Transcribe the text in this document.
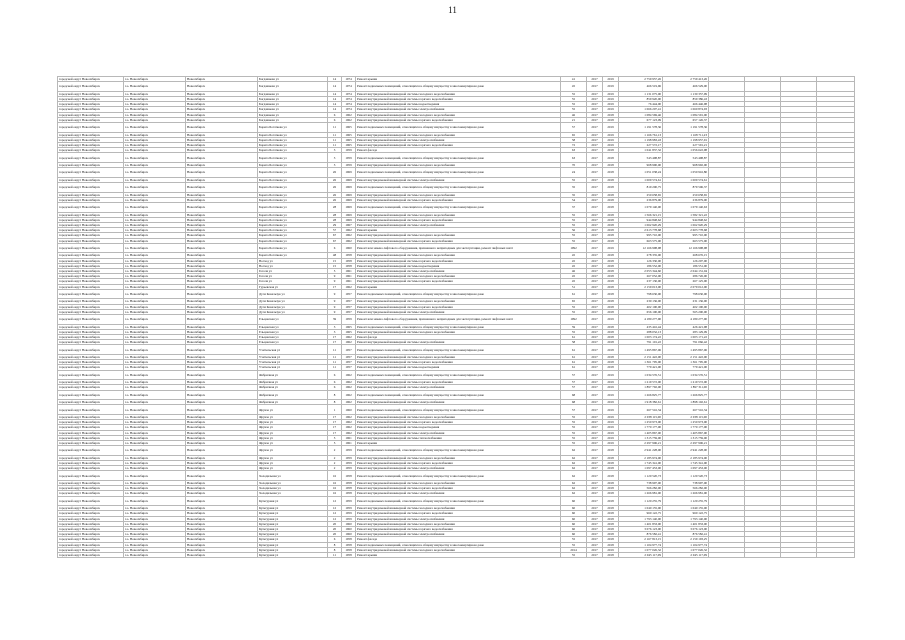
11
городской округ Новосибирск	г.о. Новосибирск	Новосибирск	Богдашкова ул	14	1974	Ремонт крыши	41	2017	2019	2 759 957,26	2 759 413,26				
городской округ Новосибирск	г.о. Новосибирск	Новосибирск	Богдашкова ул	14	1974	Ремонт подвальных помещений, относящихся к общему имуществу в многоквартирном доме	45	2017	2019	466 519,96	466 529,00				
городской округ Новосибирск	г.о. Новосибирск	Новосибирск	Богдашкова ул	14	1974	Ремонт внутридомовой инженерной системы холодного водоснабжения	55	2017	2019	1 131 075,00	1 130 357,99				
городской округ Новосибирск	г.о. Новосибирск	Новосибирск	Богдашкова ул	14	1974	Ремонт внутридомовой инженерной системы горячего водоснабжения	55	2017	2019	859 920,00	859 386,43				
городской округ Новосибирск	г.о. Новосибирск	Новосибирск	Богдашкова ул	14	1974	Ремонт внутридомовой инженерной системы водоотведения	55	2017	2019	76 444,00	466 446,98				
городской округ Новосибирск	г.о. Новосибирск	Новосибирск	Богдашкова ул	14	1974	Ремонт внутридомовой инженерной системы электроснабжения	55	2017	2019	1 066 207,41	1 060 874,93				
городской округ Новосибирск	г.о. Новосибирск	Новосибирск	Богдашкова ул	6	1962	Ремонт внутридомовой инженерной системы холодного водоснабжения	46	2017	2018	1 084 569,46	1 084 591,00				
городской округ Новосибирск	г.о. Новосибирск	Новосибирск	Богдашкова ул	6	1962	Ремонт внутридомовой инженерной системы горячего водоснабжения	21	2017	2018	677 123,09	657 126,37				
городской округ Новосибирск	г.о. Новосибирск	Новосибирск	Бориса Богаткова ул	11	1965	Ремонт подвальных помещений, относящихся к общему имуществу в многоквартирном доме	57	2017	2019	1 191 578,36	1 191 578,36				
городской округ Новосибирск	г.о. Новосибирск	Новосибирск	Бориса Богаткова ул	11	1965	Ремонт внутридомовой инженерной системы холодного водоснабжения	65	2017	2019	1 166 761,13	1 168 711,23				
городской округ Новосибирск	г.о. Новосибирск	Новосибирск	Бориса Богаткова ул	11	1965	Ремонт внутридомовой инженерной системы электроснабжения	58	2017	2019	1 198 983,43	1 198 957,91				
городской округ Новосибирск	г.о. Новосибирск	Новосибирск	Бориса Богаткова ул	11	1965	Ремонт внутридомовой инженерной системы горячего водоснабжения	72	2017	2019	227 572,17	227 591,21				
городской округ Новосибирск	г.о. Новосибирск	Новосибирск	Бориса Богаткова ул	3	1959	Ремонт фасада	63	2017	2018	1 041 837,32	1 056 622,98				
городской округ Новосибирск	г.о. Новосибирск	Новосибирск	Бориса Богаткова ул	3	1959	Ремонт подвальных помещений, относящихся к общему имуществу в многоквартирном доме	63	2017	2018	543 498,87	543 498,87				
городской округ Новосибирск	г.о. Новосибирск	Новосибирск	Бориса Богаткова ул	3	1959	Ремонт внутридомовой инженерной системы холодного водоснабжения	70	2017	2018	968 990,00	968 992,00				
городской округ Новосибирск	г.о. Новосибирск	Новосибирск	Бориса Богаткова ул	26	1969	Ремонт подвальных помещений, относящихся к общему имуществу в многоквартирном доме	24	2017	2018	1 051 038,24	1 050 916,80				
городской округ Новосибирск	г.о. Новосибирск	Новосибирск	Бориса Богаткова ул	26	1969	Ремонт внутридомовой инженерной системы электроснабжения	55	2017	2018	1 009 574,61	1 009 574,61				
городской округ Новосибирск	г.о. Новосибирск	Новосибирск	Бориса Богаткова ул	26	1969	Ремонт подвальных помещений, относящихся к общему имуществу в многоквартирном доме	35	2017	2018	819 200,75	879 506,37				
городской округ Новосибирск	г.о. Новосибирск	Новосибирск	Бориса Богаткова ул	26	1969	Ремонт внутридомовой инженерной системы холодного водоснабжения	35	2017	2018	250 658,65	250 658,65				
городской округ Новосибирск	г.о. Новосибирск	Новосибирск	Бориса Богаткова ул	26	1969	Ремонт внутридомовой инженерной системы горячего водоснабжения	54	2017	2018	236 879,00	236 879,00				
городской округ Новосибирск	г.о. Новосибирск	Новосибирск	Бориса Богаткова ул	28	1969	Ремонт подвальных помещений, относящихся к общему имуществу в многоквартирном доме	37	2017	2018	1 079 140,00	1 079 140,63				
городской округ Новосибирск	г.о. Новосибирск	Новосибирск	Бориса Богаткова ул	28	1969	Ремонт внутридомовой инженерной системы холодного водоснабжения	55	2017	2018	1 566 321,15	1 582 321,22				
городской округ Новосибирск	г.о. Новосибирск	Новосибирск	Бориса Богаткова ул	28	1969	Ремонт внутридомовой инженерной системы горячего водоснабжения	55	2017	2018	944 848,62	944 848,62				
городской округ Новосибирск	г.о. Новосибирск	Новосибирск	Бориса Богаткова ул	29	1967	Ремонт внутридомовой инженерной системы электроснабжения	55	2017	2018	1 062 920,29	1 062 920,29				
городской округ Новосибирск	г.о. Новосибирск	Новосибирск	Бориса Богаткова ул	57	1962	Ремонт крыши	56	2017	2018	2 613 778,68	2 603 778,68				
городской округ Новосибирск	г.о. Новосибирск	Новосибирск	Бориса Богаткова ул	67	1962	Ремонт внутридомовой инженерной системы холодного водоснабжения	55	2017	2018	995 710,00	995 710,00				
городской округ Новосибирск	г.о. Новосибирск	Новосибирск	Бориса Богаткова ул	67	1962	Ремонт внутридомовой инженерной системы горячего водоснабжения	55	2017	2018	663 575,00	663 575,00				
городской округ Новосибирск	г.о. Новосибирск	Новосибирск	Бориса Богаткова ул	6	1960	Ремонт или замена лифтового оборудования, признанного непригодным для эксплуатации, ремонт лифтовых шахт	1992	2017	2019	12 166 998,98	12 166 998,98				
городской округ Новосибирск	г.о. Новосибирск	Новосибирск	Бориса Богаткова ул	48	1958	Ремонт внутридомовой инженерной системы холодного водоснабжения	45	2017	2018	278 335,00	268 676,15				
городской округ Новосибирск	г.о. Новосибирск	Новосибирск	Восход ул	15	1958	Ремонт внутридомовой инженерной системы горячего водоснабжения	45	2017	2018	126 330,00	126 207,00				
городской округ Новосибирск	г.о. Новосибирск	Новосибирск	Восход ул	15	1958	Ремонт внутридомовой инженерной системы водоотведения	45	2017	2018	186 552,00	186 551,00				
городской округ Новосибирск	г.о. Новосибирск	Новосибирск	Гоголя ул	5	1961	Ремонт внутридомовой инженерной системы электроснабжения	46	2017	2018	2 053 344,60	2 044 131,04				
городской округ Новосибирск	г.о. Новосибирск	Новосибирск	Гоголя ул	9	1961	Ремонт внутридомовой инженерной системы холодного водоснабжения	45	2017	2018	267 052,00	286 726,00				
городской округ Новосибирск	г.о. Новосибирск	Новосибирск	Гоголя ул	9	1961	Ремонт внутридомовой инженерной системы горячего водоснабжения	45	2017	2018	237 130,00	267 125,00				
городской округ Новосибирск	г.о. Новосибирск	Новосибирск	Гурьевская ул	17	1962	Ремонт крыши	51	2017	2018	2 159 013,00	2 079 012,00				
городской округ Новосибирск	г.о. Новосибирск	Новосибирск	Дуси Ковальчук ул	9	1957	Ремонт подвальных помещений, относящихся к общему имуществу в многоквартирном доме	61	2017	2018	798 630,00	798 630,00				
городской округ Новосибирск	г.о. Новосибирск	Новосибирск	Дуси Ковальчук ул	9	1957	Ремонт внутридомовой инженерной системы холодного водоснабжения	65	2017	2018	230 136,00	231 136,00				
городской округ Новосибирск	г.о. Новосибирск	Новосибирск	Дуси Ковальчук ул	9	1957	Ремонт внутридомовой инженерной системы горячего водоснабжения	55	2017	2018	402 100,00	402 100,00				
городской округ Новосибирск	г.о. Новосибирск	Новосибирск	Дуси Ковальчук ул	9	1957	Ремонт внутридомовой инженерной системы электроснабжения	55	2017	2018	656 100,00	565 200,00				
городской округ Новосибирск	г.о. Новосибирск	Новосибирск	Ельцовская ул	39	1959	Ремонт или замена лифтового оборудования, признанного непригодным для эксплуатации, ремонт лифтовых шахт	1992	2017	2019	4 180 277,90	4 180 277,90				
городской округ Новосибирск	г.о. Новосибирск	Новосибирск	Ельцовская ул	3	1965	Ремонт подвальных помещений, относящихся к общему имуществу в многоквартирном доме	59	2017	2018	435 416,44	426 421,98				
городской округ Новосибирск	г.о. Новосибирск	Новосибирск	Ельцовская ул	3	1965	Ремонт внутридомовой инженерной системы холодного водоснабжения	55	2017	2018	288 032,13	283 129,09				
городской округ Новосибирск	г.о. Новосибирск	Новосибирск	Ельцовская ул	17	1962	Ремонт фасада	61	2017	2018	1 003 174,22	1 003 171,22				
городской округ Новосибирск	г.о. Новосибирск	Новосибирск	Ельцовская ул	17	1962	Ремонт внутридомовой инженерной системы электроснабжения	58	2017	2018	791 101,22	791 066,42				
городской округ Новосибирск	г.о. Новосибирск	Новосибирск	Учительская ул	11	1957	Ремонт подвальных помещений, относящихся к общему имуществу в многоквартирном доме	61	2017	2018	1 495 867,06	1 495 867,06				
городской округ Новосибирск	г.о. Новосибирск	Новосибирск	Учительская ул	11	1957	Ремонт внутридомовой инженерной системы холодного водоснабжения	61	2017	2018	2 151 422,00	2 151 422,00				
городской округ Новосибирск	г.о. Новосибирск	Новосибирск	Учительская ул	11	1957	Ремонт внутридомовой инженерной системы горячего водоснабжения	61	2017	2018	1 361 795,00	1 361 795,00				
городской округ Новосибирск	г.о. Новосибирск	Новосибирск	Учительская ул	11	1957	Ремонт внутридомовой инженерной системы водоотведения	61	2017	2018	779 421,00	779 421,00				
городской округ Новосибирск	г.о. Новосибирск	Новосибирск	Фабричная ул	6	1962	Ремонт подвальных помещений, относящихся к общему имуществу в многоквартирном доме	57	2017	2019	1 034 576,51	1 034 576,51				
городской округ Новосибирск	г.о. Новосибирск	Новосибирск	Фабричная ул	6	1962	Ремонт внутридомовой инженерной системы горячего водоснабжения	57	2017	2019	1 219 572,00	1 219 572,00				
городской округ Новосибирск	г.о. Новосибирск	Новосибирск	Фабричная ул	6	1962	Ремонт внутридомовой инженерной системы электроснабжения	57	2017	2019	1 897 792,00	1 897 311,00				
городской округ Новосибирск	г.о. Новосибирск	Новосибирск	Фабричная ул	8	1962	Ремонт подвальных помещений, относящихся к общему имуществу в многоквартирном доме	68	2017	2019	1 266 825,77	1 266 825,77				
городской округ Новосибирск	г.о. Новосибирск	Новосибирск	Фабричная ул	8	1962	Ремонт внутридомовой инженерной системы электроснабжения	68	2017	2019	1 918 382,61	1 898 102,61				
городской округ Новосибирск	г.о. Новосибирск	Новосибирск	Фрунзе ул	1	1960	Ремонт подвальных помещений, относящихся к общему имуществу в многоквартирном доме	57	2017	2019	267 516,34	267 516,34				
городской округ Новосибирск	г.о. Новосибирск	Новосибирск	Фрунзе ул	17	1962	Ремонт внутридомовой инженерной системы холодного водоснабжения	55	2017	2019	2 038 115,00	2 038 115,00				
городской округ Новосибирск	г.о. Новосибирск	Новосибирск	Фрунзе ул	17	1962	Ремонт внутридомовой инженерной системы горячего водоснабжения	55	2017	2019	1 250 973,00	1 250 973,00				
городской округ Новосибирск	г.о. Новосибирск	Новосибирск	Фрунзе ул	17	1962	Ремонт внутридомовой инженерной системы водоотведения	55	2017	2019	1 770 177,00	1 770 177,00				
городской округ Новосибирск	г.о. Новосибирск	Новосибирск	Фрунзе ул	17	1962	Ремонт внутридомовой инженерной системы электроснабжения	55	2017	2019	1 405 867,00	1 405 867,00				
городской округ Новосибирск	г.о. Новосибирск	Новосибирск	Фрунзе ул	5	1961	Ремонт внутридомовой инженерной системы теплоснабжения	55	2017	2019	1 315 759,00	1 315 759,00				
городской округ Новосибирск	г.о. Новосибирск	Новосибирск	Фрунзе ул	5	1961	Ремонт крыши	55	2017	2019	2 297 906,21	2 297 906,21				
городской округ Новосибирск	г.о. Новосибирск	Новосибирск	Фрунзе ул	2	1959	Ремонт подвальных помещений, относящихся к общему имуществу в многоквартирном доме	62	2017	2018	2 941 228,00	2 941 228,00				
городской округ Новосибирск	г.о. Новосибирск	Новосибирск	Фрунзе ул	2	1959	Ремонт внутридомовой инженерной системы холодного водоснабжения	62	2017	2018	2 185 974,00	2 185 974,00				
городской округ Новосибирск	г.о. Новосибирск	Новосибирск	Фрунзе ул	2	1959	Ремонт внутридомовой инженерной системы горячего водоснабжения	62	2017	2018	1 745 341,00	1 745 341,00				
городской округ Новосибирск	г.о. Новосибирск	Новосибирск	Фрунзе ул	2	1959	Ремонт внутридомовой инженерной системы электроснабжения	62	2017	2018	1 097 453,00	1 097 453,00				
городской округ Новосибирск	г.о. Новосибирск	Новосибирск	Холодильная ул	16	1958	Ремонт подвальных помещений, относящихся к общему имуществу в многоквартирном доме	62	2017	2018	1 120 520,73	1 120 520,73				
городской округ Новосибирск	г.о. Новосибирск	Новосибирск	Холодильная ул	16	1958	Ремонт внутридомовой инженерной системы холодного водоснабжения	62	2017	2018	738 997,00	738 997,00				
городской округ Новосибирск	г.о. Новосибирск	Новосибирск	Холодильная ул	16	1958	Ремонт внутридомовой инженерной системы горячего водоснабжения	62	2017	2018	566 282,00	566 282,00				
городской округ Новосибирск	г.о. Новосибирск	Новосибирск	Холодильная ул	16	1958	Ремонт внутридомовой инженерной системы электроснабжения	62	2017	2018	1 266 981,00	1 266 981,00				
городской округ Новосибирск	г.о. Новосибирск	Новосибирск	Культурная ул	12	1959	Ремонт подвальных помещений, относящихся к общему имуществу в многоквартирном доме	60	2017	2018	1 120 255,79	1 120 255,79				
городской округ Новосибирск	г.о. Новосибирск	Новосибирск	Культурная ул	12	1959	Ремонт внутридомовой инженерной системы холодного водоснабжения	60	2017	2018	1 040 155,00	1 040 155,00				
городской округ Новосибирск	г.о. Новосибирск	Новосибирск	Культурная ул	12	1959	Ремонт внутридомовой инженерной системы горячего водоснабжения	60	2017	2018	960 122,75	960 122,75				
городской округ Новосибирск	г.о. Новосибирск	Новосибирск	Культурная ул	12	1959	Ремонт внутридомовой инженерной системы электроснабжения	60	2017	2018	1 793 140,00	1 793 140,00				
городской округ Новосибирск	г.о. Новосибирск	Новосибирск	Культурная ул	20	1960	Ремонт внутридомовой инженерной системы холодного водоснабжения	60	2017	2018	1 401 833,00	1 401 833,00				
городской округ Новосибирск	г.о. Новосибирск	Новосибирск	Культурная ул	20	1960	Ремонт внутридомовой инженерной системы горячего водоснабжения	60	2017	2018	3 076 123,00	3 076 123,00				
городской округ Новосибирск	г.о. Новосибирск	Новосибирск	Культурная ул	20	1960	Ремонт внутридомовой инженерной системы электроснабжения	60	2017	2018	876 582,41	876 582,41				
городской округ Новосибирск	г.о. Новосибирск	Новосибирск	Культурная ул	6	1958	Ремонт фасада	55	2017	2018	2 167 813,15	2 159 193,25				
городской округ Новосибирск	г.о. Новосибирск	Новосибирск	Культурная ул	8	1958	Ремонт подвальных помещений, относящихся к общему имуществу в многоквартирном доме	55	2017	2018	1 104 977,74	1 104 977,74				
городской округ Новосибирск	г.о. Новосибирск	Новосибирск	Культурная ул	8	1958	Ремонт внутридомовой инженерной системы холодного водоснабжения	2014	2017	2019	1 077 026,32	1 077 026,32				
городской округ Новосибирск	г.о. Новосибирск	Новосибирск	Культурная ул	11	1958	Ремонт крыши	55	2017	2018	2 045 117,09	2 045 117,09				
